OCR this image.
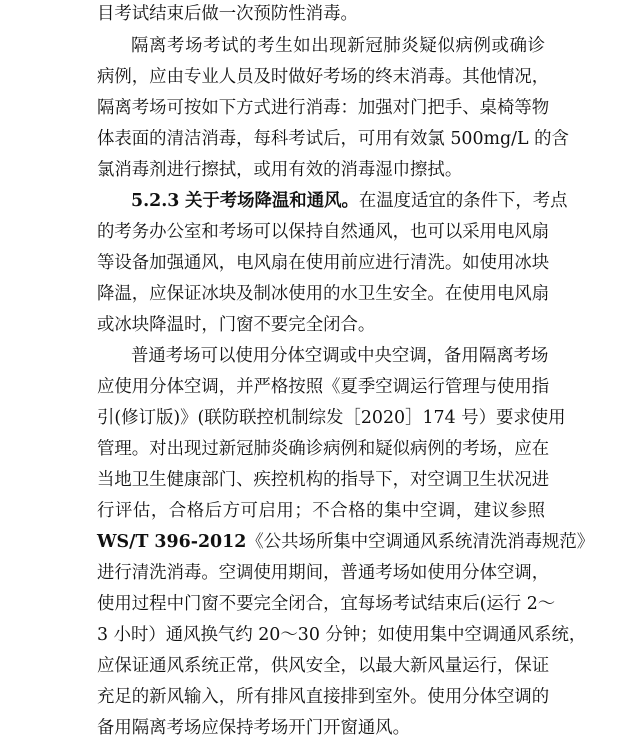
目考试结束后做一次预防性消毒。
隔离考场考试的考生如出现新冠肺炎疑似病例或确诊
病例，应由专业人员及时做好考场的终末消毒。其他情况，
隔离考场可按如下方式进行消毒：加强对门把手、桌椅等物
体表面的清洁消毒，每科考试后，可用有效氯 500mg/L 的含
氯消毒剂进行擦拭，或用有效的消毒湿巾擦拭。
5.2.3 关于考场降温和通风。在温度适宜的条件下，考点
的考务办公室和考场可以保持自然通风，也可以采用电风扇
等设备加强通风，电风扇在使用前应进行清洗。如使用冰块
降温，应保证冰块及制冰使用的水卫生安全。在使用电风扇
或冰块降温时，门窗不要完全闭合。
普通考场可以使用分体空调或中央空调，备用隔离考场
应使用分体空调，并严格按照《夏季空调运行管理与使用指
引(修订版)》(联防联控机制综发［2020］174 号）要求使用
管理。对出现过新冠肺炎确诊病例和疑似病例的考场，应在
当地卫生健康部门、疾控机构的指导下，对空调卫生状况进
行评估，合格后方可启用；不合格的集中空调，建议参照
WS/T 396-2012《公共场所集中空调通风系统清洗消毒规范》
进行清洗消毒。空调使用期间，普通考场如使用分体空调，
使用过程中门窗不要完全闭合，宜每场考试结束后(运行 2～
3 小时）通风换气约 20～30 分钟；如使用集中空调通风系统，
应保证通风系统正常，供风安全，以最大新风量运行，保证
充足的新风输入，所有排风直接排到室外。使用分体空调的
备用隔离考场应保持考场开门开窗通风。
